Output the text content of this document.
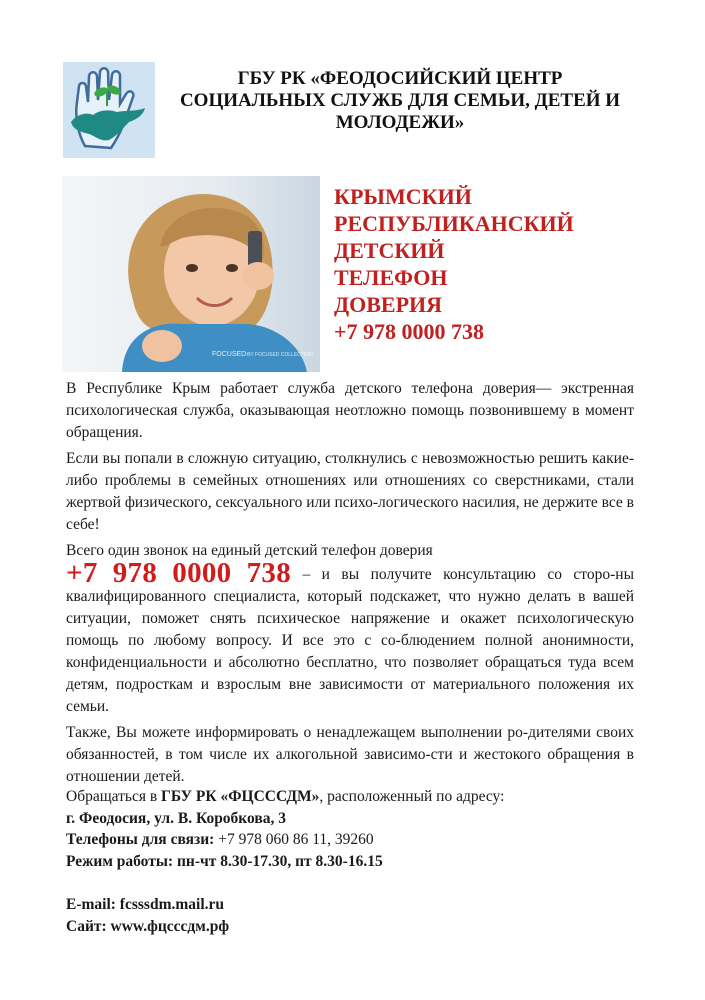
ГБУ РК «ФЕОДОСИЙСКИЙ ЦЕНТР
СОЦИАЛЬНЫХ СЛУЖБ ДЛЯ СЕМЬИ, ДЕТЕЙ И
МОЛОДЕЖИ»
FOCUSED BY FOCUSED COLLECTION
КРЫМСКИЙ
РЕСПУБЛИКАНСКИЙ
ДЕТСКИЙ
ТЕЛЕФОН
ДОВЕРИЯ
+7 978 0000 738

В Республике Крым работает служба детского телефона доверия— экстренная психологическая служба, оказывающая неотложно помощь позвонившему в момент обращения.

Если вы попали в сложную ситуацию, столкнулись с невозможностью решить какие-либо проблемы в семейных отношениях или отношениях со сверстниками, стали жертвой физического, сексуального или психо-логического насилия, не держите все в себе!

Всего один звонок на единый детский телефон доверия

+7 978 0000 738 – и вы получите консультацию со сторо-ны квалифицированного специалиста, который подскажет, что нужно делать в вашей ситуации, поможет снять психическое напряжение и окажет психологическую помощь по любому вопросу. И все это с со-блюдением полной анонимности, конфиденциальности и абсолютно бесплатно, что позволяет обращаться туда всем детям, подросткам и взрослым вне зависимости от материального положения их семьи.

Также, Вы можете информировать о ненадлежащем выполнении ро-дителями своих обязанностей, в том числе их алкогольной зависимо-сти и жестокого обращения в отношении детей.

Обращаться в ГБУ РК «ФЦСССДМ», расположенный по адресу:
г. Феодосия, ул. В. Коробкова, 3
Телефоны для связи: +7 978 060 86 11, 39260
Режим работы: пн-чт 8.30-17.30, пт 8.30-16.15
E-mail: fcsssdm.mail.ru
Сайт: www.фцсссдм.рф
